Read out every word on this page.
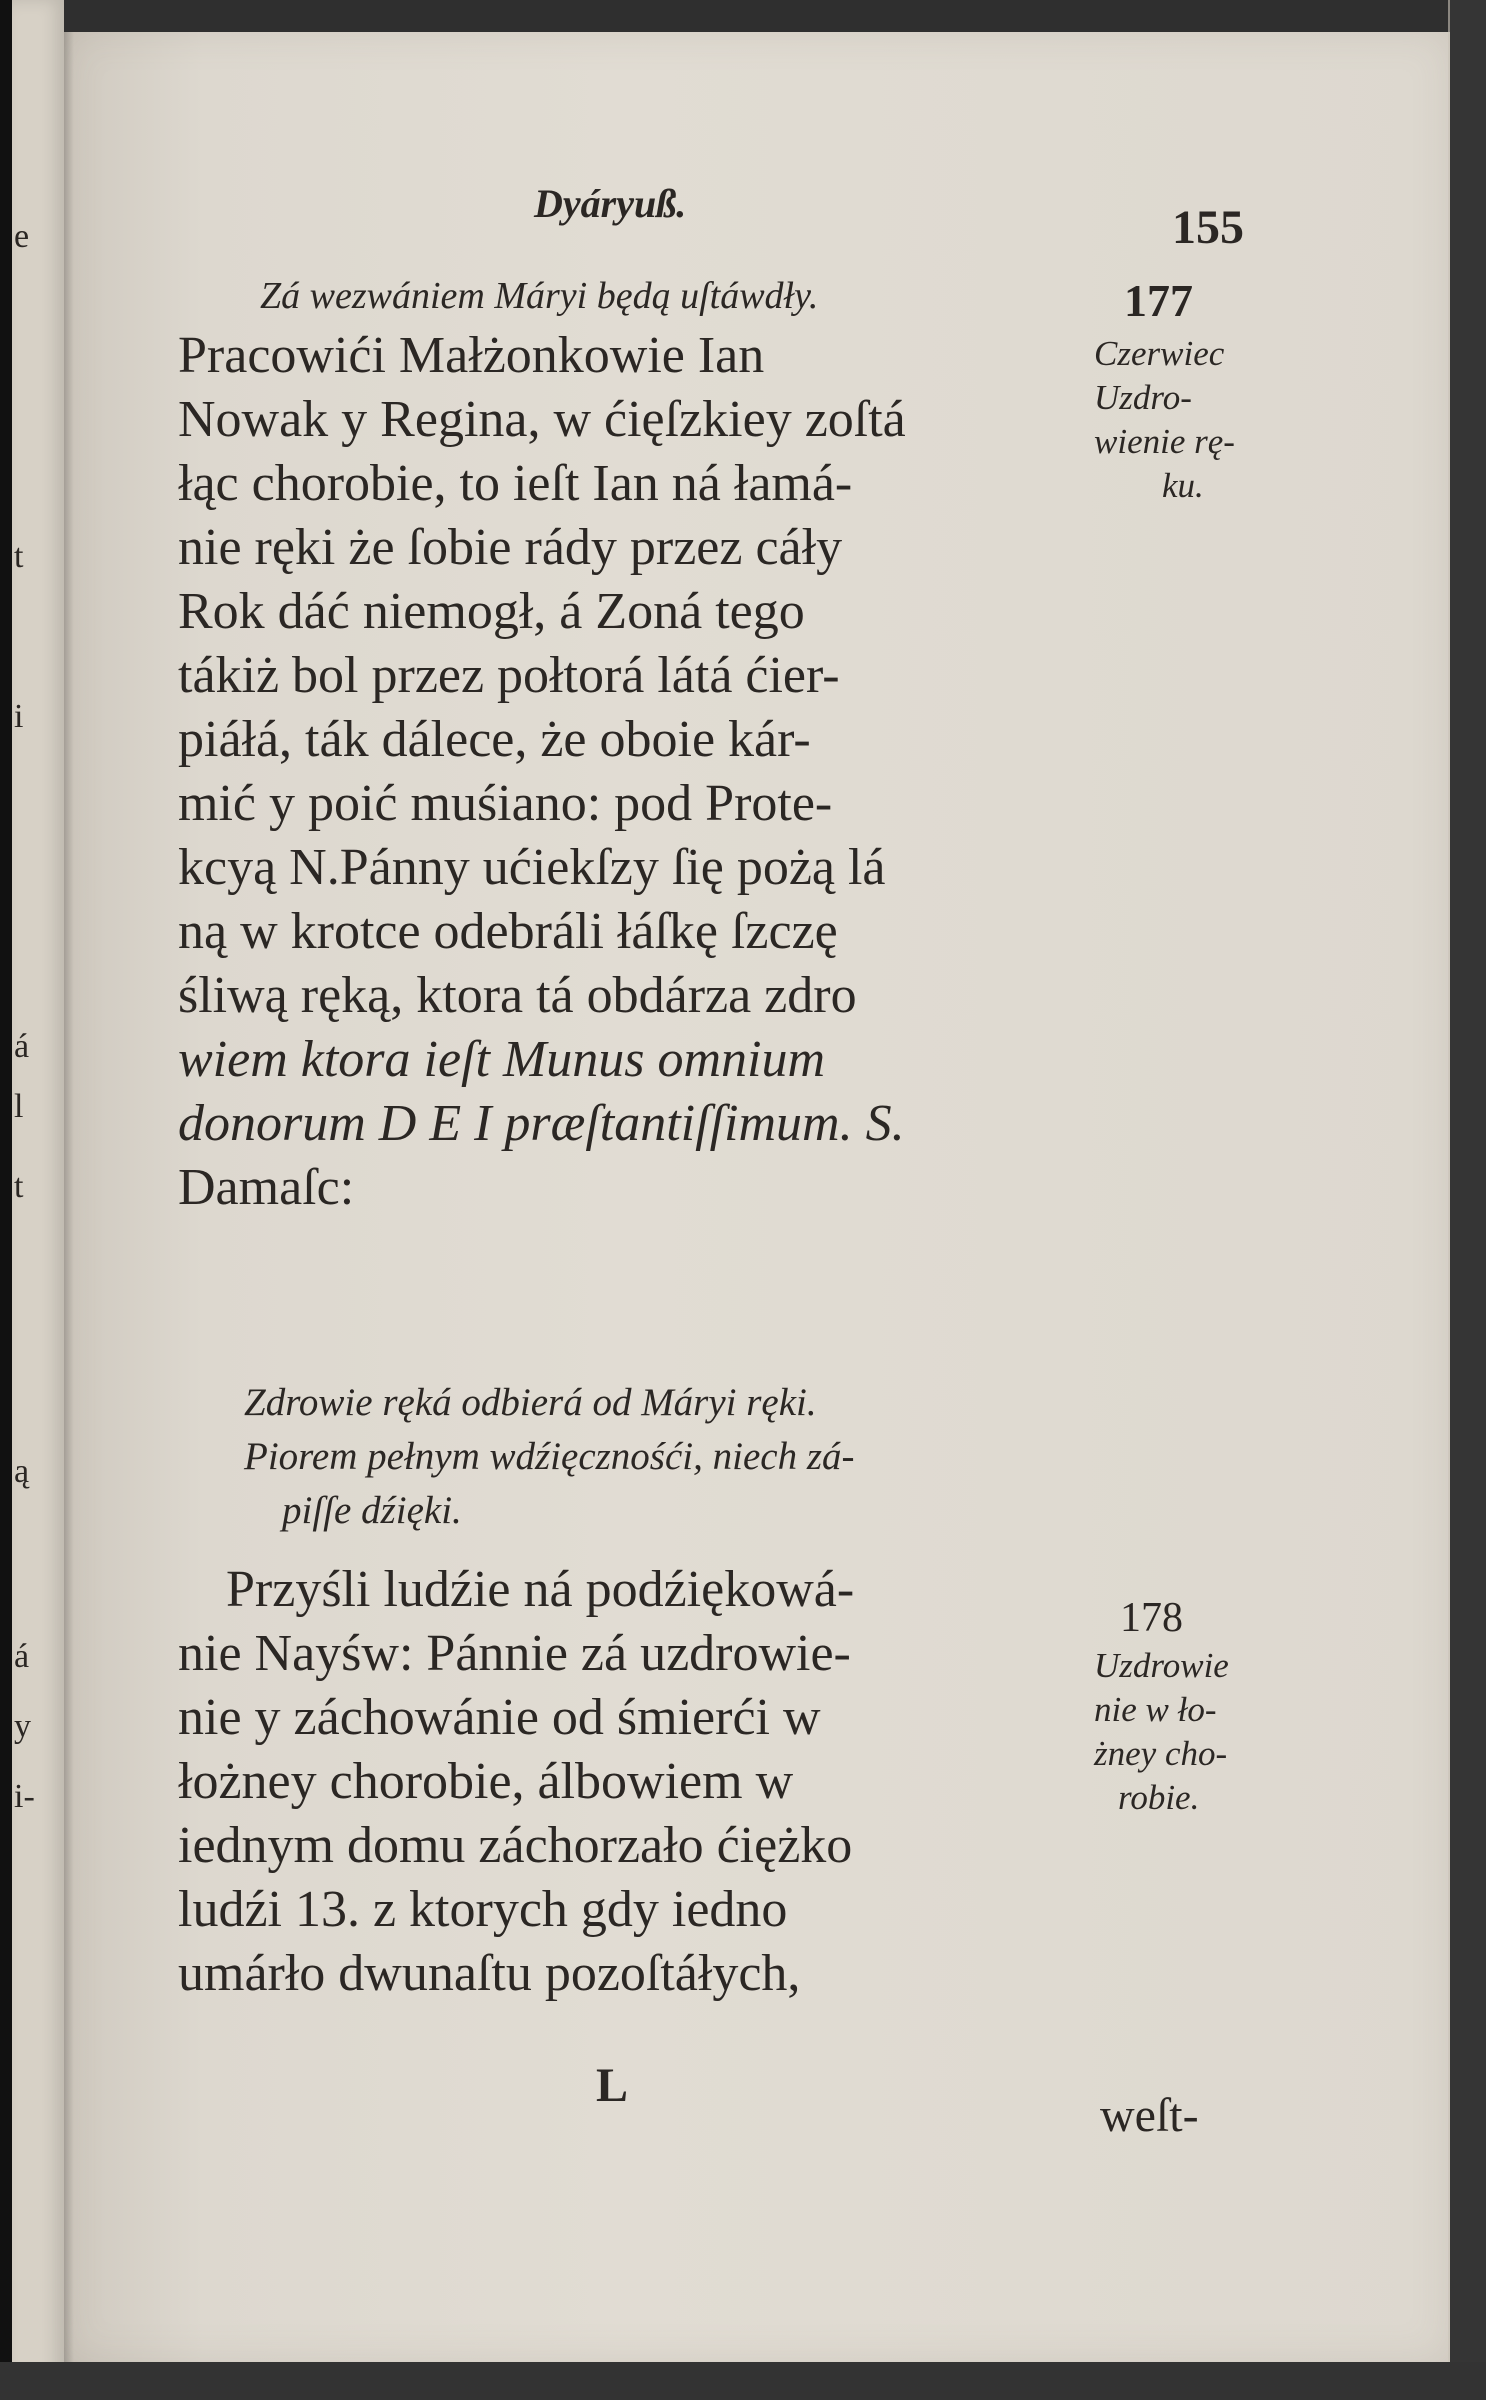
e
t
i
l
á
t
ą
á
y
i-
Dyáryuß.	155
Zá wezwániem Máryi będą uſtáwdły.	177
Pracowići Małżonkowie Ian
Nowak y Regina, w ćięſzkiey zoſtá
łąc chorobie, to ieſt Ian ná łamá-
nie ręki że ſobie rády przez cáły
Rok dáć niemogł, á Zoná tego
tákiż bol przez połtorá látá ćier-
piáłá, ták dálece, że oboie kár-
mić y poić muśiano: pod Prote-
kcyą N.Pánny ućiekſzy ſię pożą lá
ną w krotce odebráli łáſkę ſzczę
śliwą ręką, ktora tá obdárza zdro
wiem ktora ieſt Munus omnium
donorum D E I præſtantiſſimum. S.
Damaſc:
Zdrowie ręká odbierá od Máryi ręki.
Piorem pełnym wdźięcznośći, niech zá-
piſſe dźięki.
Przyśli ludźie ná podźiękowá-
nie Nayśw: Pánnie zá uzdrowie-
nie y záchowánie od śmierći w
łożney chorobie, álbowiem w
iednym domu záchorzało ćiężko
ludźi 13. z ktorych gdy iedno
umárło dwunaſtu pozoſtáłych,
L
weſt-
Czerwiec
Uzdro-
wienie rę-
ku.
178
Uzdrowie
nie w ło-
żney cho-
robie.
